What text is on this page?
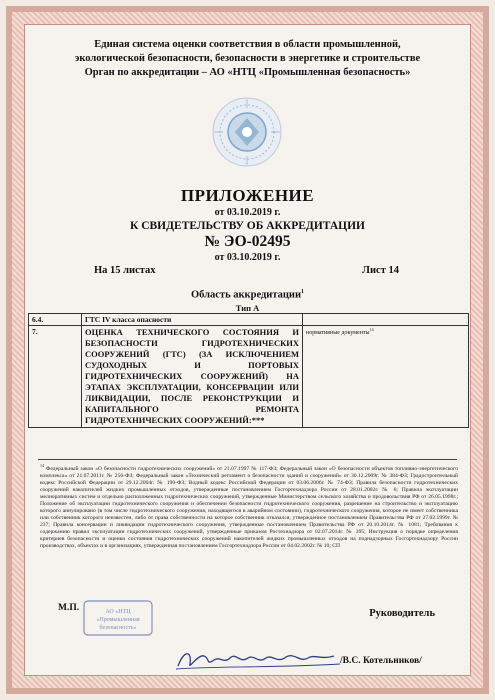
Единая система оценки соответствия в области промышленной,
экологической безопасности, безопасности в энергетике и строительстве
Орган по аккредитации – АО «НТЦ «Промышленная безопасность»
ПРИЛОЖЕНИЕ
от 03.10.2019 г.
К СВИДЕТЕЛЬСТВУ ОБ АККРЕДИТАЦИИ
№ ЭО-02495
от 03.10.2019 г.
На 15 листах	Лист 14
Область аккредитации$^1$
Тип А
6.4.	ГТС IV класса опасности	
7.	ОЦЕНКА ТЕХНИЧЕСКОГО СОСТОЯНИЯ И БЕЗОПАСНОСТИ ГИДРОТЕХНИЧЕСКИХ СООРУЖЕНИЙ (ГТС) (ЗА ИСКЛЮЧЕНИЕМ СУДОХОДНЫХ И ПОРТОВЫХ ГИДРОТЕХНИЧЕСКИХ СООРУЖЕНИЙ) НА ЭТАПАХ ЭКСПЛУАТАЦИИ, КОНСЕРВАЦИИ ИЛИ ЛИКВИДАЦИИ, ПОСЛЕ РЕКОНСТРУКЦИИ И КАПИТАЛЬНОГО РЕМОНТА ГИДРОТЕХНИЧЕСКИХ СООРУЖЕНИЙ:***	нормативные документы$^{14}$
$^{14}$ Федеральный закон «О безопасности гидротехнических сооружений» от 21.07.1997 № 117-ФЗ; Федеральный закон «О безопасности объектов топливно-энергетического комплекса» от 21.07.2011г. № 256-ФЗ; Федеральный закон «Технический регламент о безопасности зданий и сооружений» от 30.12.2009г. № 384-ФЗ; Градостроительный кодекс Российской Федерации от 29.12.2004г. № 190-ФЗ; Водный кодекс Российской Федерации от 03.06.2006г. № 74-ФЗ; Правила безопасности гидротехнических сооружений накопителей жидких промышленных отходов, утвержденные постановлением Госгортехнадзора России от 28.01.2002г. № 6; Правила эксплуатации мелиоративных систем и отдельно расположенных гидротехнических сооружений, утвержденные Министерством сельского хозяйства и продовольствия РФ от 26.05.1998г.; Положение об эксплуатации гидротехнического сооружения и обеспечении безопасности гидротехнического сооружения, разрешение на строительство и эксплуатацию которого аннулировано (в том числе гидротехнического сооружения, находящегося в аварийном состоянии), гидротехнического сооружения, которое не имеет собственника или собственник которого неизвестен, либо от права собственности на которое собственник отказался, утвержденное постановлением Правительства РФ от 27.02.1999г. № 237; Правила консервации и ликвидации гидротехнического сооружения, утвержденные постановлением Правительства РФ от 20.10.2014г. № 1081; Требования к содержанию правил эксплуатации гидротехнических сооружений, утвержденные приказом Ростехнадзора от 02.07.2014г. № 395; Инструкция о порядке определения критериев безопасности и оценки состояния гидротехнических сооружений накопителей жидких промышленных отходов на поднадзорных Госгортехнадзору России производствах, объектах и в организациях, утвержденная постановлением Госгортехнадзора России от 04.02.2002г. № 10; СП
М.П.	АО «НТЦ
«Промышленная
безопасность»
Руководитель
/В.С. Котельников/
